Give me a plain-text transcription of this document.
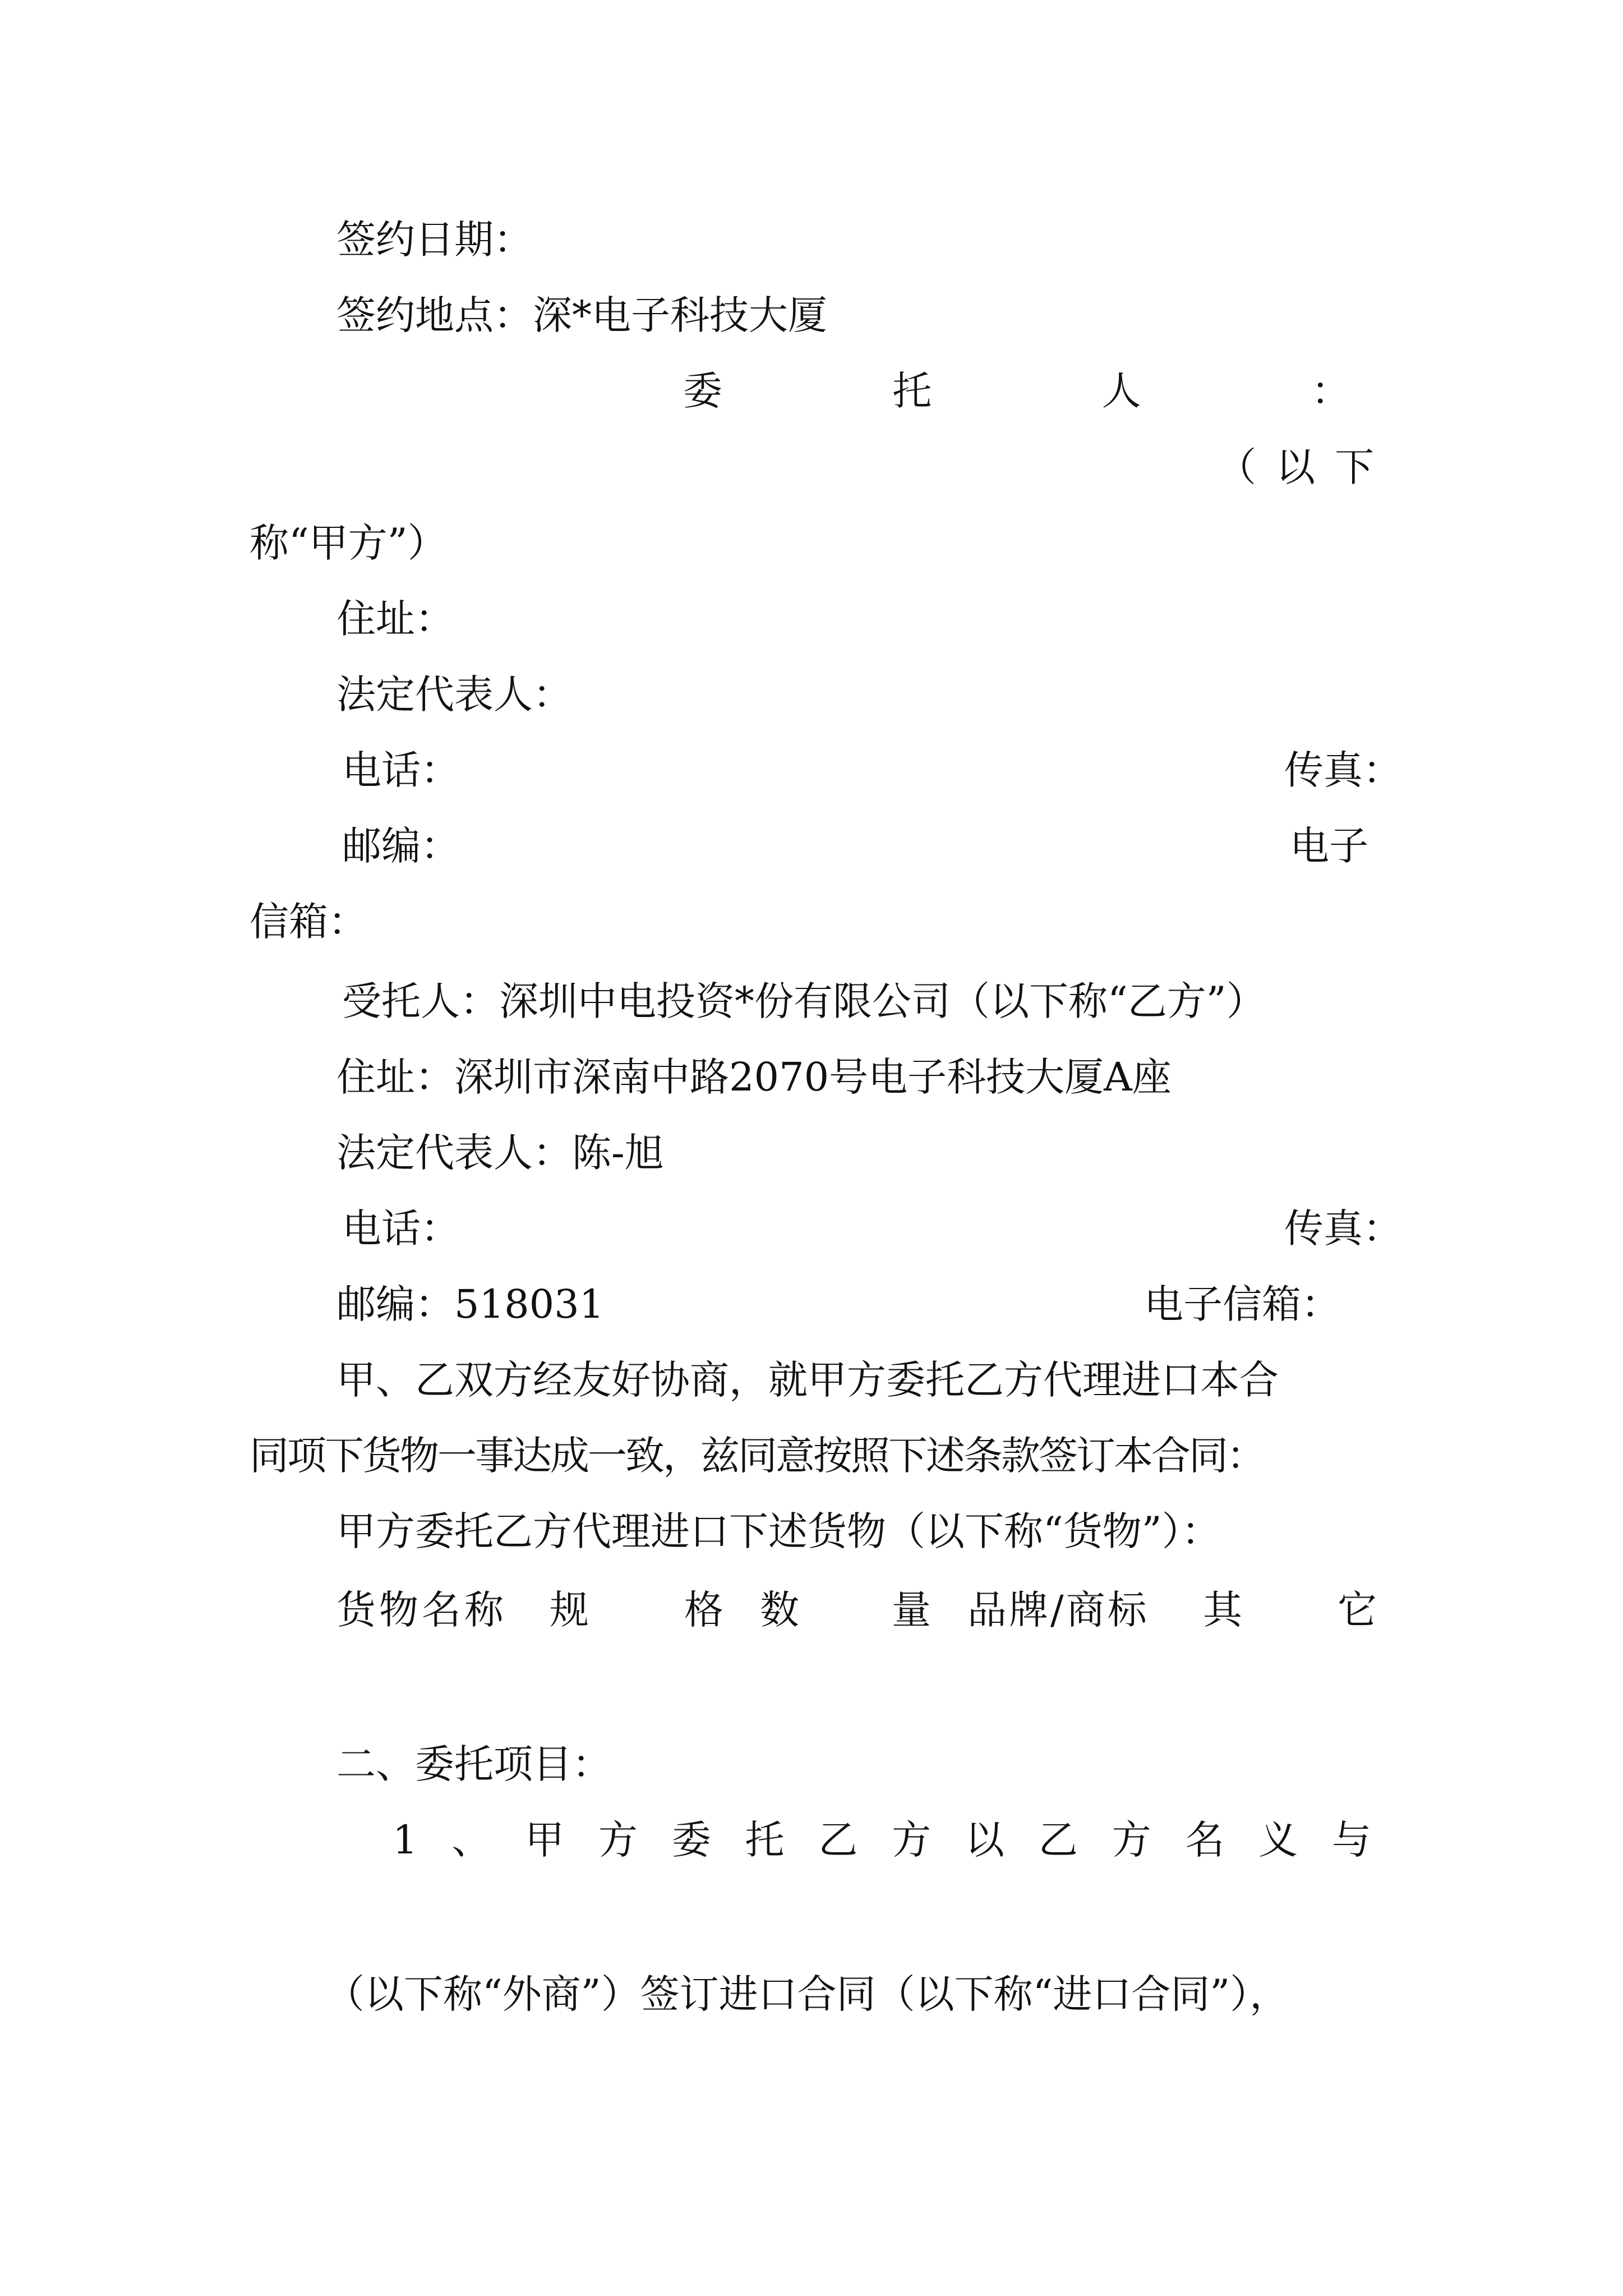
签约日期：
签约地点：深*电子科技大厦
委	托	人	：
（ 以 下
称“甲方”）
住址：
法定代表人：
电话：	传真：
邮编：	电子
信箱：
受托人：深圳中电投资*份有限公司（以下称“乙方”）
住址：深圳市深南中路2070号电子科技大厦A座
法定代表人：陈-旭
电话：	传真：
邮编：518031	电子信箱：
甲、乙双方经友好协商，就甲方委托乙方代理进口本合
同项下货物一事达成一致，兹同意按照下述条款签订本合同：
甲方委托乙方代理进口下述货物（以下称“货物”）：
货物名称 规 格 数 量 品牌/商标 其 它
二、委托项目：
1 、 甲 方 委 托 乙 方 以 乙 方 名 义 与
（以下称“外商”）签订进口合同（以下称“进口合同”），
